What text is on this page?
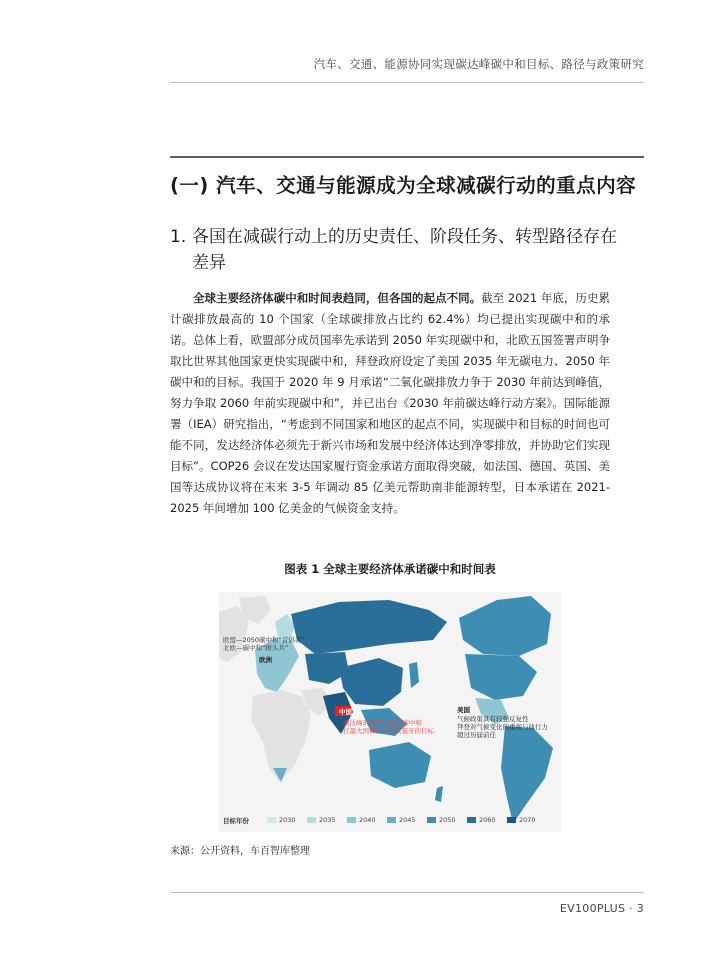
汽车、交通、能源协同实现碳达峰碳中和目标、路径与政策研究
(一) 汽车、交通与能源成为全球减碳行动的重点内容
1. 各国在减碳行动上的历史责任、阶段任务、转型路径存在
差异

全球主要经济体碳中和时间表趋同，但各国的起点不同。截至 2021 年底，历史累计碳排放最高的 10 个国家（全球碳排放占比约 62.4%）均已提出实现碳中和的承诺。总体上看，欧盟部分成员国率先承诺到 2050 年实现碳中和，北欧五国签署声明争取比世界其他国家更快实现碳中和，拜登政府设定了美国 2035 年无碳电力、2050 年碳中和的目标。我国于 2020 年 9 月承诺“二氧化碳排放力争于 2030 年前达到峰值，努力争取 2060 年前实现碳中和”，并已出台《2030 年前碳达峰行动方案》。国际能源署（IEA）研究指出，“考虑到不同国家和地区的起点不同，实现碳中和目标的时间也可能不同，发达经济体必须先于新兴市场和发展中经济体达到净零排放，并协助它们实现目标”。COP26 会议在发达国家履行资金承诺方面取得突破，如法国、德国、英国、美国等达成协议将在未来 3-5 年调动 85 亿美元帮助南非能源转型，日本承诺在 2021-2025 年间增加 100 亿美金的气候资金支持。

图表 1 全球主要经济体承诺碳中和时间表
欧盟—2050碳中和“首倡者”
北欧—碳中和“排头兵”
欧洲
中国
碳达峰30碳峰 2060碳中和
扛最大国责任但极其艰辛的目标
美国
气候政策具有较强反复性
拜登对气候变化的重视与执行力
超过历届前任
目标年份	2030	2035	2040	2045	2050	2060	2070
来源：公开资料，车百智库整理
EV100PLUS · 3
